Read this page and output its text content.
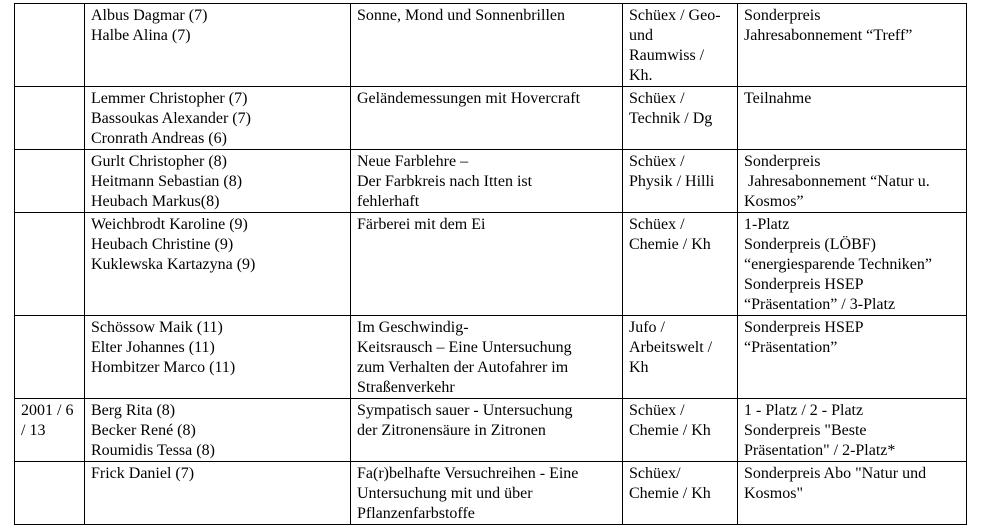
	Albus Dagmar (7)
Halbe Alina (7)	Sonne, Mond und Sonnenbrillen	Schüex / Geo-
und
Raumwiss /
Kh.	Sonderpreis
Jahresabonnement “Treff”

	Lemmer Christopher (7)
Bassoukas Alexander (7)
Cronrath Andreas (6)	Geländemessungen mit Hovercraft	Schüex /
Technik / Dg	Teilnahme

	Gurlt Christopher (8)
Heitmann Sebastian (8)
Heubach Markus(8)	Neue Farblehre –
Der Farbkreis nach Itten ist
fehlerhaft	Schüex /
Physik / Hilli	Sonderpreis
Jahresabonnement “Natur u.
Kosmos”

	Weichbrodt Karoline (9)
Heubach Christine (9)
Kuklewska Kartazyna (9)	Färberei mit dem Ei	Schüex /
Chemie / Kh	1-Platz
Sonderpreis (LÖBF)
“energiesparende Techniken”
Sonderpreis HSEP
“Präsentation” / 3-Platz

	Schössow Maik (11)
Elter Johannes (11)
Hombitzer Marco (11)	Im Geschwindig-
Keitsrausch – Eine Untersuchung
zum Verhalten der Autofahrer im
Straßenverkehr	Jufo /
Arbeitswelt /
Kh	Sonderpreis HSEP
“Präsentation”

2001 / 6
/ 13	Berg Rita (8)
Becker René (8)
Roumidis Tessa (8)	Sympatisch sauer - Untersuchung
der Zitronensäure in Zitronen	Schüex /
Chemie / Kh	1 - Platz / 2 - Platz
Sonderpreis "Beste
Präsentation" / 2-Platz*

	Frick Daniel (7)	Fa(r)belhafte Versuchreihen - Eine
Untersuchung mit und über
Pflanzenfarbstoffe	Schüex/
Chemie / Kh	Sonderpreis Abo "Natur und
Kosmos"
